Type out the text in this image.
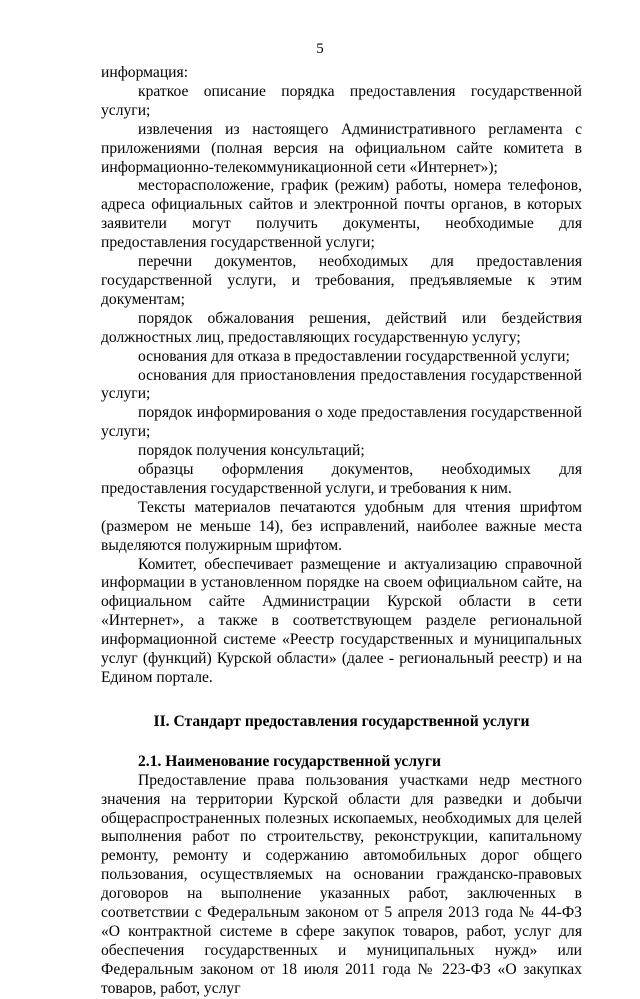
5

информация:

краткое описание порядка предоставления государственной услуги;

извлечения из настоящего Административного регламента с приложениями (полная версия на официальном сайте комитета в информационно-телекоммуникационной сети «Интернет»);

месторасположение, график (режим) работы, номера телефонов, адреса официальных сайтов и электронной почты органов, в которых заявители могут получить документы, необходимые для предоставления государственной услуги;

перечни документов, необходимых для предоставления государственной услуги, и требования, предъявляемые к этим документам;

порядок обжалования решения, действий или бездействия должностных лиц, предоставляющих государственную услугу;

основания для отказа в предоставлении государственной услуги;

основания для приостановления предоставления государственной услуги;

порядок информирования о ходе предоставления государственной услуги;

порядок получения консультаций;

образцы оформления документов, необходимых для предоставления государственной услуги, и требования к ним.

Тексты материалов печатаются удобным для чтения шрифтом (размером не меньше 14), без исправлений, наиболее важные места выделяются полужирным шрифтом.

Комитет, обеспечивает размещение и актуализацию справочной информации в установленном порядке на своем официальном сайте, на официальном сайте Администрации Курской области в сети «Интернет», а также в соответствующем разделе региональной информационной системе «Реестр государственных и муниципальных услуг (функций) Курской области» (далее - региональный реестр) и на Едином портале.

II. Стандарт предоставления государственной услуги

2.1. Наименование государственной услуги

Предоставление права пользования участками недр местного значения на территории Курской области для разведки и добычи общераспространенных полезных ископаемых, необходимых для целей выполнения работ по строительству, реконструкции, капитальному ремонту, ремонту и содержанию автомобильных дорог общего пользования, осуществляемых на основании гражданско-правовых договоров на выполнение указанных работ, заключенных в соответствии с Федеральным законом от 5 апреля 2013 года № 44-ФЗ «О контрактной системе в сфере закупок товаров, работ, услуг для обеспечения государственных и муниципальных нужд» или Федеральным законом от 18 июля 2011 года № 223-ФЗ «О закупках товаров, работ, услуг
